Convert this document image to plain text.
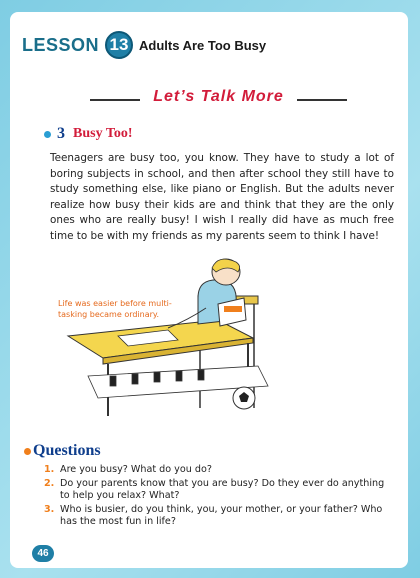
LESSON 13 Adults Are Too Busy
Let’s Talk More
3 Busy Too!

Teenagers are busy too, you know. They have to study a lot of boring subjects in school, and then after school they still have to study something else, like piano or English. But the adults never realize how busy their kids are and think that they are the only ones who are really busy! I wish I really did have as much free time to be with my friends as my parents seem to think I have!

Life was easier before multi-tasking became ordinary.
Questions
1. Are you busy? What do you do?
2. Do your parents know that you are busy? Do they ever do anything to help you relax? What?
3. Who is busier, do you think, you, your mother, or your father? Who has the most fun in life?
46
